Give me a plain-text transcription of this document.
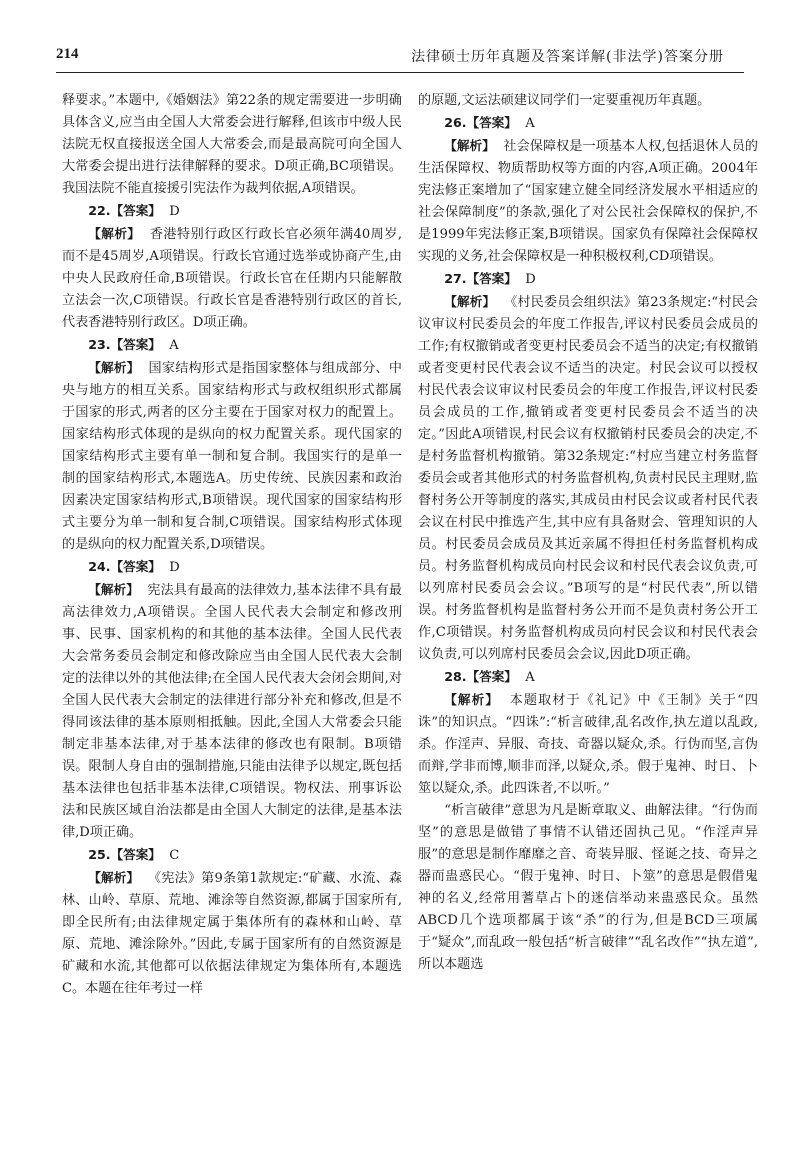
214	法律硕士历年真题及答案详解(非法学)答案分册

释要求。”本题中,《婚姻法》第22条的规定需要进一步明确具体含义,应当由全国人大常委会进行解释,但该市中级人民法院无权直接报送全国人大常委会,而是最高院可向全国人大常委会提出进行法律解释的要求。D项正确,BC项错误。我国法院不能直接援引宪法作为裁判依据,A项错误。

22.【答案】 D

【解析】 香港特别行政区行政长官必须年满40周岁,而不是45周岁,A项错误。行政长官通过选举或协商产生,由中央人民政府任命,B项错误。行政长官在任期内只能解散立法会一次,C项错误。行政长官是香港特别行政区的首长,代表香港特别行政区。D项正确。

23.【答案】 A

【解析】 国家结构形式是指国家整体与组成部分、中央与地方的相互关系。国家结构形式与政权组织形式都属于国家的形式,两者的区分主要在于国家对权力的配置上。国家结构形式体现的是纵向的权力配置关系。现代国家的国家结构形式主要有单一制和复合制。我国实行的是单一制的国家结构形式,本题选A。历史传统、民族因素和政治因素决定国家结构形式,B项错误。现代国家的国家结构形式主要分为单一制和复合制,C项错误。国家结构形式体现的是纵向的权力配置关系,D项错误。

24.【答案】 D

【解析】 宪法具有最高的法律效力,基本法律不具有最高法律效力,A项错误。全国人民代表大会制定和修改刑事、民事、国家机构的和其他的基本法律。全国人民代表大会常务委员会制定和修改除应当由全国人民代表大会制定的法律以外的其他法律;在全国人民代表大会闭会期间,对全国人民代表大会制定的法律进行部分补充和修改,但是不得同该法律的基本原则相抵触。因此,全国人大常委会只能制定非基本法律,对于基本法律的修改也有限制。B项错误。限制人身自由的强制措施,只能由法律予以规定,既包括基本法律也包括非基本法律,C项错误。物权法、刑事诉讼法和民族区域自治法都是由全国人大制定的法律,是基本法律,D项正确。

25.【答案】 C

【解析】 《宪法》第9条第1款规定:“矿藏、水流、森林、山岭、草原、荒地、滩涂等自然资源,都属于国家所有,即全民所有;由法律规定属于集体所有的森林和山岭、草原、荒地、滩涂除外。”因此,专属于国家所有的自然资源是矿藏和水流,其他都可以依据法律规定为集体所有,本题选C。本题在往年考过一样

的原题,文运法硕建议同学们一定要重视历年真题。

26.【答案】 A

【解析】 社会保障权是一项基本人权,包括退休人员的生活保障权、物质帮助权等方面的内容,A项正确。2004年宪法修正案增加了“国家建立健全同经济发展水平相适应的社会保障制度”的条款,强化了对公民社会保障权的保护,不是1999年宪法修正案,B项错误。国家负有保障社会保障权实现的义务,社会保障权是一种积极权利,CD项错误。

27.【答案】 D

【解析】 《村民委员会组织法》第23条规定:“村民会议审议村民委员会的年度工作报告,评议村民委员会成员的工作;有权撤销或者变更村民委员会不适当的决定;有权撤销或者变更村民代表会议不适当的决定。村民会议可以授权村民代表会议审议村民委员会的年度工作报告,评议村民委员会成员的工作,撤销或者变更村民委员会不适当的决定。”因此A项错误,村民会议有权撤销村民委员会的决定,不是村务监督机构撤销。第32条规定:“村应当建立村务监督委员会或者其他形式的村务监督机构,负责村民民主理财,监督村务公开等制度的落实,其成员由村民会议或者村民代表会议在村民中推选产生,其中应有具备财会、管理知识的人员。村民委员会成员及其近亲属不得担任村务监督机构成员。村务监督机构成员向村民会议和村民代表会议负责,可以列席村民委员会会议。”B项写的是“村民代表”,所以错误。村务监督机构是监督村务公开而不是负责村务公开工作,C项错误。村务监督机构成员向村民会议和村民代表会议负责,可以列席村民委员会会议,因此D项正确。

28.【答案】 A

【解析】 本题取材于《礼记》中《王制》关于“四诛”的知识点。“四诛”:“析言破律,乱名改作,执左道以乱政,杀。作淫声、异服、奇技、奇器以疑众,杀。行伪而坚,言伪而辩,学非而博,顺非而泽,以疑众,杀。假于鬼神、时日、卜筮以疑众,杀。此四诛者,不以听。”

“析言破律”意思为凡是断章取义、曲解法律。“行伪而坚”的意思是做错了事情不认错还固执己见。“作淫声异服”的意思是制作靡靡之音、奇装异服、怪诞之技、奇异之器而蛊惑民心。“假于鬼神、时日、卜筮”的意思是假借鬼神的名义,经常用蓍草占卜的迷信举动来蛊惑民众。虽然ABCD几个选项都属于该“杀”的行为,但是BCD三项属于“疑众”,而乱政一般包括“析言破律”“乱名改作”“执左道”,所以本题选
